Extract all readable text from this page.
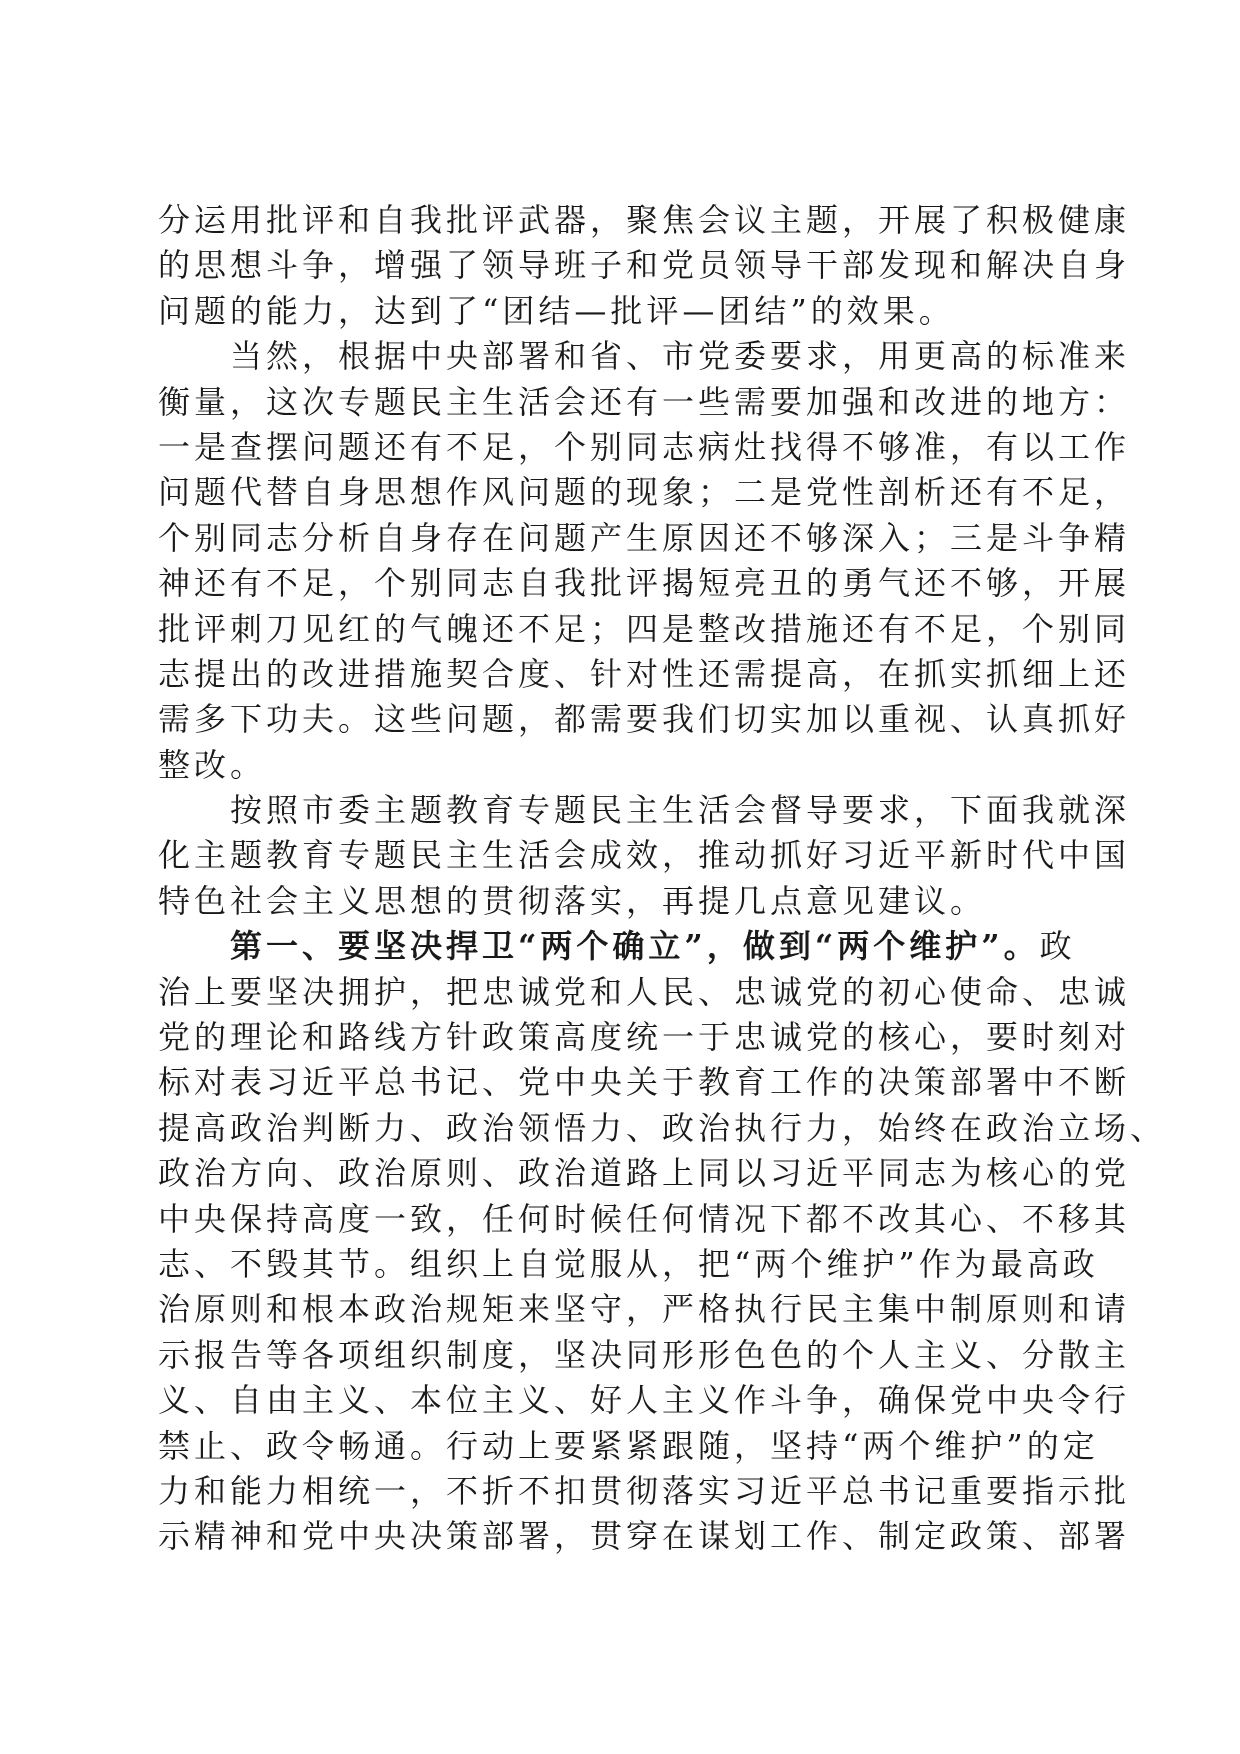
分运用批评和自我批评武器，聚焦会议主题，开展了积极健康
的思想斗争，增强了领导班子和党员领导干部发现和解决自身
问题的能力，达到了“团结—批评—团结”的效果。
　　当然，根据中央部署和省、市党委要求，用更高的标准来
衡量，这次专题民主生活会还有一些需要加强和改进的地方：
一是查摆问题还有不足，个别同志病灶找得不够准，有以工作
问题代替自身思想作风问题的现象；二是党性剖析还有不足，
个别同志分析自身存在问题产生原因还不够深入；三是斗争精
神还有不足，个别同志自我批评揭短亮丑的勇气还不够，开展
批评刺刀见红的气魄还不足；四是整改措施还有不足，个别同
志提出的改进措施契合度、针对性还需提高，在抓实抓细上还
需多下功夫。这些问题，都需要我们切实加以重视、认真抓好
整改。
　　按照市委主题教育专题民主生活会督导要求，下面我就深
化主题教育专题民主生活会成效，推动抓好习近平新时代中国
特色社会主义思想的贯彻落实，再提几点意见建议。
　　第一、要坚决捍卫“两个确立”，做到“两个维护”。政
治上要坚决拥护，把忠诚党和人民、忠诚党的初心使命、忠诚
党的理论和路线方针政策高度统一于忠诚党的核心，要时刻对
标对表习近平总书记、党中央关于教育工作的决策部署中不断
提高政治判断力、政治领悟力、政治执行力，始终在政治立场、
政治方向、政治原则、政治道路上同以习近平同志为核心的党
中央保持高度一致，任何时候任何情况下都不改其心、不移其
志、不毁其节。组织上自觉服从，把“两个维护”作为最高政
治原则和根本政治规矩来坚守，严格执行民主集中制原则和请
示报告等各项组织制度，坚决同形形色色的个人主义、分散主
义、自由主义、本位主义、好人主义作斗争，确保党中央令行
禁止、政令畅通。行动上要紧紧跟随，坚持“两个维护”的定
力和能力相统一，不折不扣贯彻落实习近平总书记重要指示批
示精神和党中央决策部署，贯穿在谋划工作、制定政策、部署
